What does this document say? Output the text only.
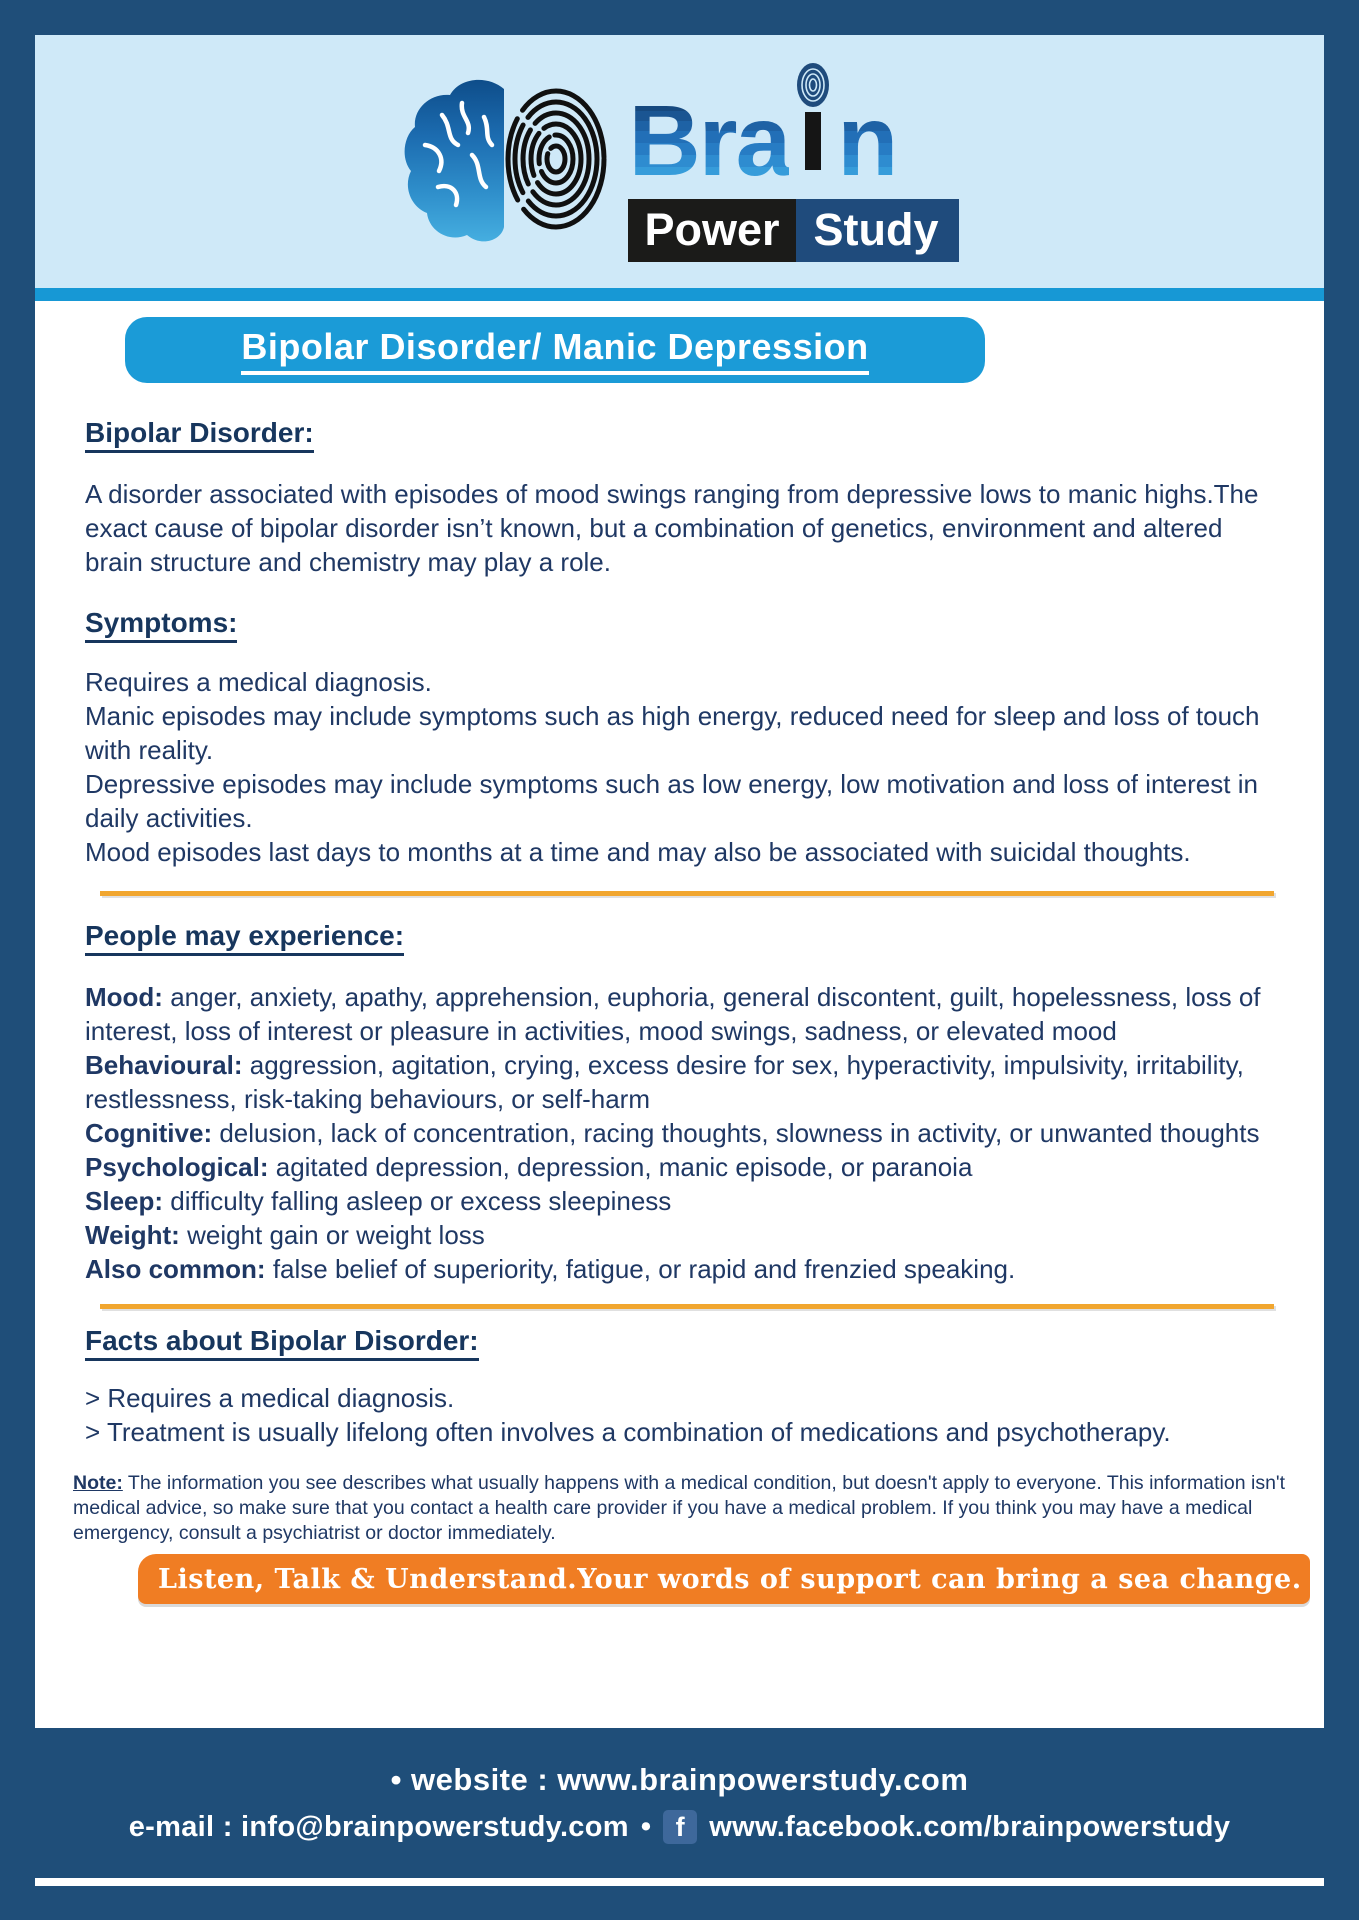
Bra n
Power Study
Bipolar Disorder/ Manic Depression
Bipolar Disorder:
A disorder associated with episodes of mood swings ranging from depressive lows to manic highs.The exact cause of bipolar disorder isn’t known, but a combination of genetics, environment and altered brain structure and chemistry may play a role.
Symptoms:
Requires a medical diagnosis.
Manic episodes may include symptoms such as high energy, reduced need for sleep and loss of touch with reality.
Depressive episodes may include symptoms such as low energy, low motivation and loss of interest in daily activities.
Mood episodes last days to months at a time and may also be associated with suicidal thoughts.
People may experience:
Mood: anger, anxiety, apathy, apprehension, euphoria, general discontent, guilt, hopelessness, loss of interest, loss of interest or pleasure in activities, mood swings, sadness, or elevated mood
Behavioural: aggression, agitation, crying, excess desire for sex, hyperactivity, impulsivity, irritability, restlessness, risk-taking behaviours, or self-harm
Cognitive: delusion, lack of concentration, racing thoughts, slowness in activity, or unwanted thoughts
Psychological: agitated depression, depression, manic episode, or paranoia
Sleep: difficulty falling asleep or excess sleepiness
Weight: weight gain or weight loss
Also common: false belief of superiority, fatigue, or rapid and frenzied speaking.
Facts about Bipolar Disorder:
> Requires a medical diagnosis.
> Treatment is usually lifelong often involves a combination of medications and psychotherapy.
Note: The information you see describes what usually happens with a medical condition, but doesn't apply to everyone. This information isn't medical advice, so make sure that you contact a health care provider if you have a medical problem. If you think you may have a medical emergency, consult a psychiatrist or doctor immediately.
Listen, Talk & Understand.Your words of support can bring a sea change.
• website : www.brainpowerstudy.com
e-mail : info@brainpowerstudy.com • f www.facebook.com/brainpowerstudy
